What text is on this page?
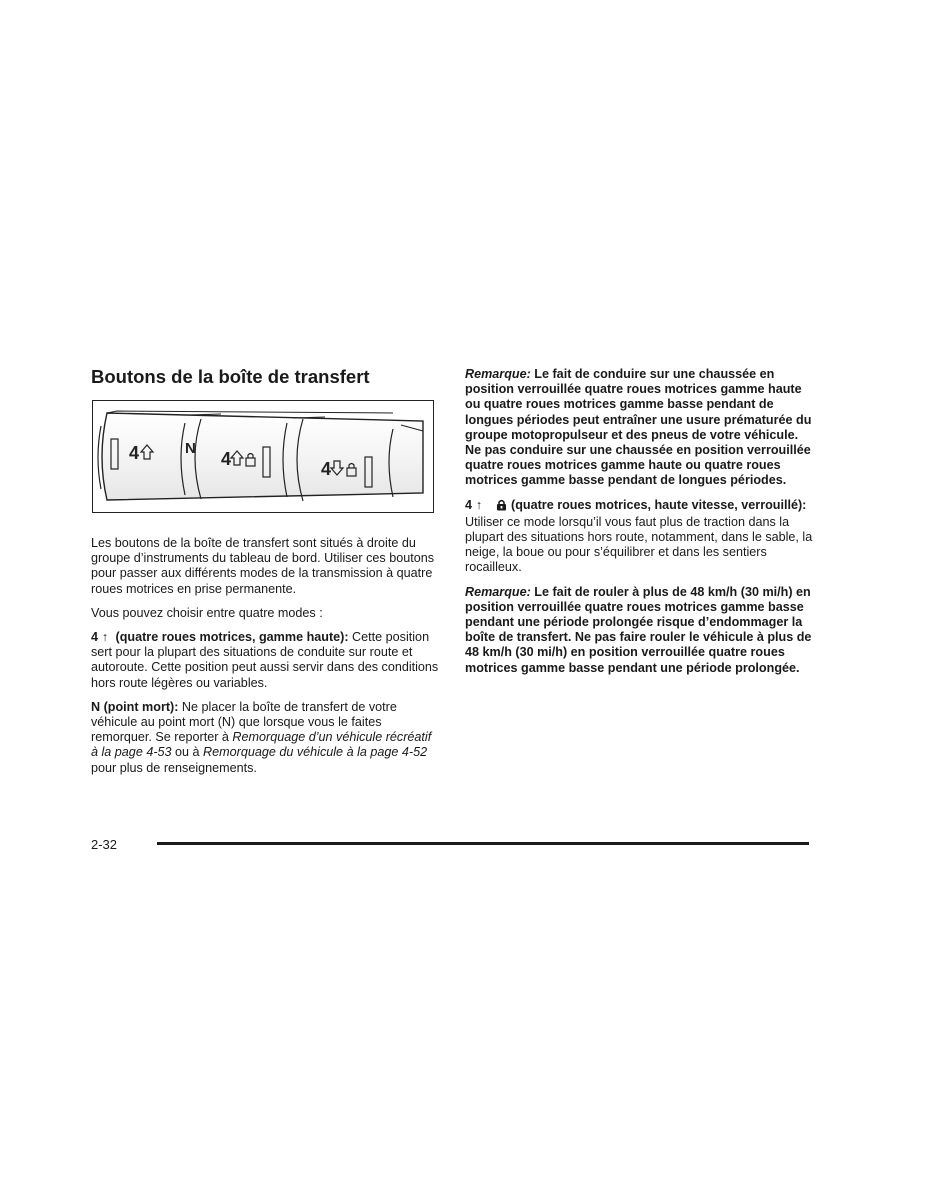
Boutons de la boîte de transfert
4	N
4	4

Les boutons de la boîte de transfert sont situés à droite du groupe d’instruments du tableau de bord. Utiliser ces boutons pour passer aux différents modes de la transmission à quatre roues motrices en prise permanente.

Vous pouvez choisir entre quatre modes :

4 ↑ (quatre roues motrices, gamme haute): Cette position sert pour la plupart des situations de conduite sur route et autoroute. Cette position peut aussi servir dans des conditions hors route légères ou variables.

N (point mort): Ne placer la boîte de transfert de votre véhicule au point mort (N) que lorsque vous le faites remorquer. Se reporter à Remorquage d’un véhicule récréatif à la page 4-53 ou à Remorquage du véhicule à la page 4-52 pour plus de renseignements.

Remarque: Le fait de conduire sur une chaussée en position verrouillée quatre roues motrices gamme haute ou quatre roues motrices gamme basse pendant de longues périodes peut entraîner une usure prématurée du groupe motopropulseur et des pneus de votre véhicule. Ne pas conduire sur une chaussée en position verrouillée quatre roues motrices gamme haute ou quatre roues motrices gamme basse pendant de longues périodes.

4 ↑ (quatre roues motrices, haute vitesse, verrouillé): Utiliser ce mode lorsqu’il vous faut plus de traction dans la plupart des situations hors route, notamment, dans le sable, la neige, la boue ou pour s’équilibrer et dans les sentiers rocailleux.

Remarque: Le fait de rouler à plus de 48 km/h (30 mi/h) en position verrouillée quatre roues motrices gamme basse pendant une période prolongée risque d’endommager la boîte de transfert. Ne pas faire rouler le véhicule à plus de 48 km/h (30 mi/h) en position verrouillée quatre roues motrices gamme basse pendant une période prolongée.

2-32
